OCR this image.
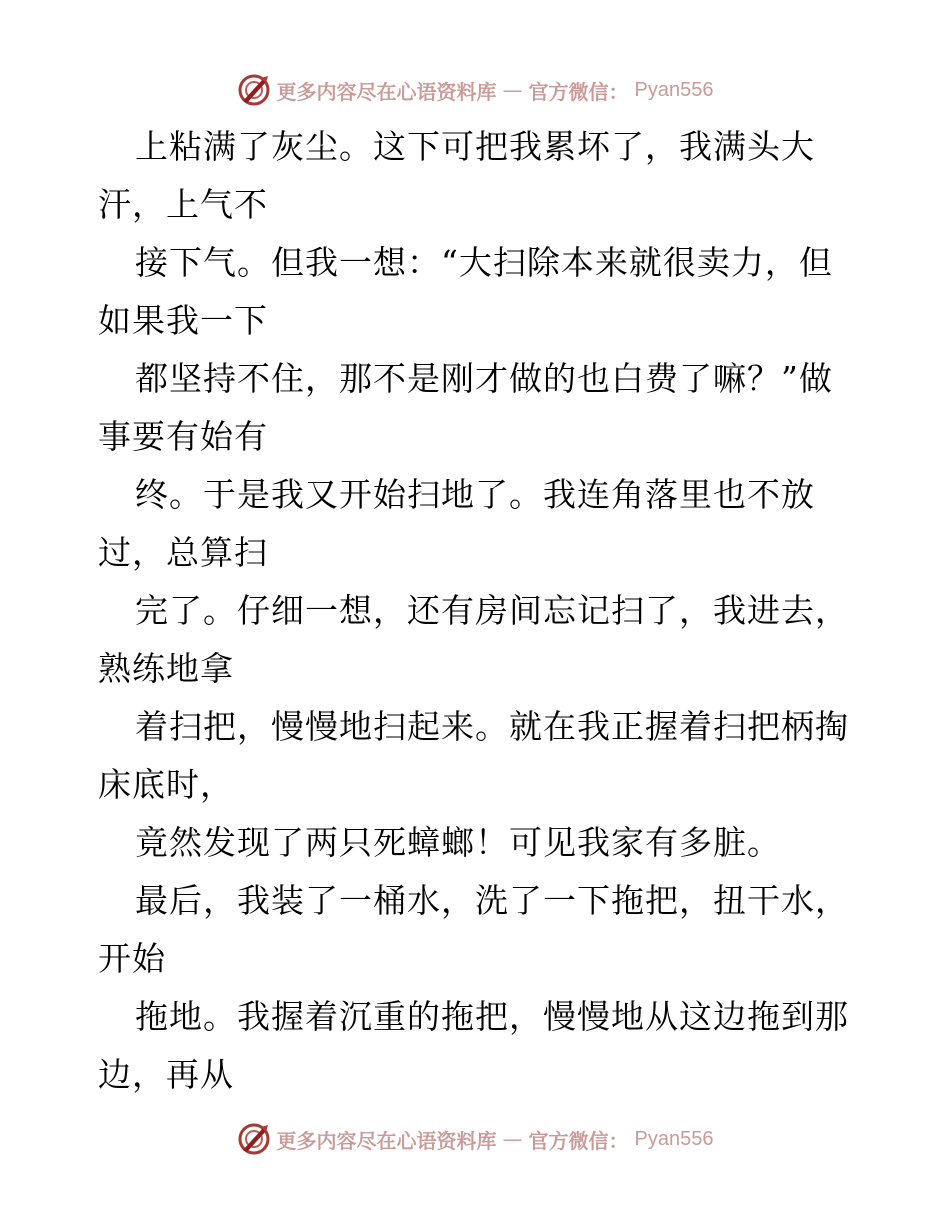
更多内容尽在心语资料库 — 官方微信： Pyan556
上粘满了灰尘。这下可把我累坏了，我满头大
汗，上气不
接下气。但我一想：“大扫除本来就很卖力，但
如果我一下
都坚持不住，那不是刚才做的也白费了嘛？”做
事要有始有
终。于是我又开始扫地了。我连角落里也不放
过，总算扫
完了。仔细一想，还有房间忘记扫了，我进去，
熟练地拿
着扫把，慢慢地扫起来。就在我正握着扫把柄掏
床底时，
竟然发现了两只死蟑螂！可见我家有多脏。
最后，我装了一桶水，洗了一下拖把，扭干水，
开始
拖地。我握着沉重的拖把，慢慢地从这边拖到那
边，再从
更多内容尽在心语资料库 — 官方微信： Pyan556
